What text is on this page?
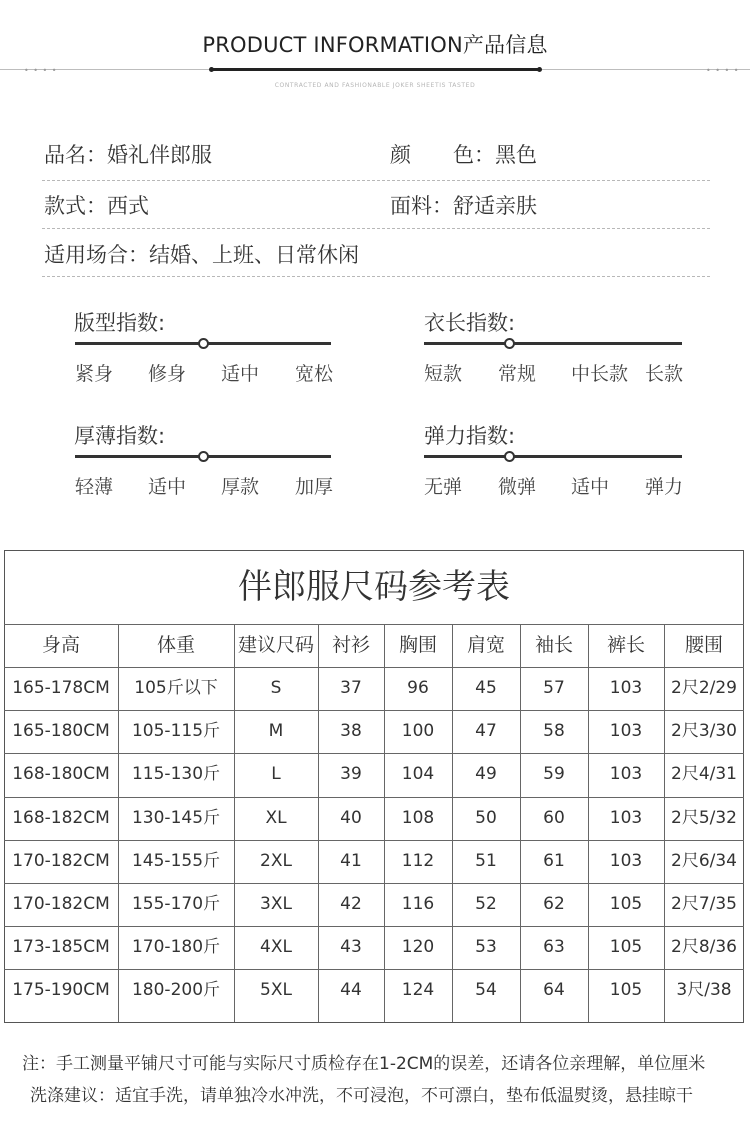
PRODUCT INFORMATION产品信息
• • • •	• • • •
CONTRACTED AND FASHIONABLE JOKER SHEETIS TASTED
品名：婚礼伴郎服	颜　　色：黑色
款式：西式	面料：舒适亲肤
适用场合：结婚、上班、日常休闲
版型指数:
紧身 修身 适中 宽松
衣长指数:
短款 常规 中长款 长款
厚薄指数:
轻薄 适中 厚款 加厚
弹力指数:
无弹 微弹 适中 弹力
伴郎服尺码参考表
身高	体重	建议尺码 衬衫	胸围	肩宽	袖长	裤长	腰围
165-178CM	105斤以下	S	37	96	45	57	103	2尺2/29
165-180CM	105-115斤	M	38	100	47	58	103	2尺3/30
168-180CM	115-130斤	L	39	104	49	59	103	2尺4/31
168-182CM	130-145斤	XL	40	108	50	60	103	2尺5/32
170-182CM	145-155斤	2XL	41	112	51	61	103	2尺6/34
170-182CM	155-170斤	3XL	42	116	52	62	105	2尺7/35
173-185CM	170-180斤	4XL	43	120	53	63	105	2尺8/36
175-190CM	180-200斤	5XL	44	124	54	64	105	3尺/38
注：手工测量平铺尺寸可能与实际尺寸质检存在1-2CM的误差，还请各位亲理解，单位厘米
洗涤建议：适宜手洗，请单独冷水冲洗，不可浸泡，不可漂白，垫布低温熨烫，悬挂晾干
